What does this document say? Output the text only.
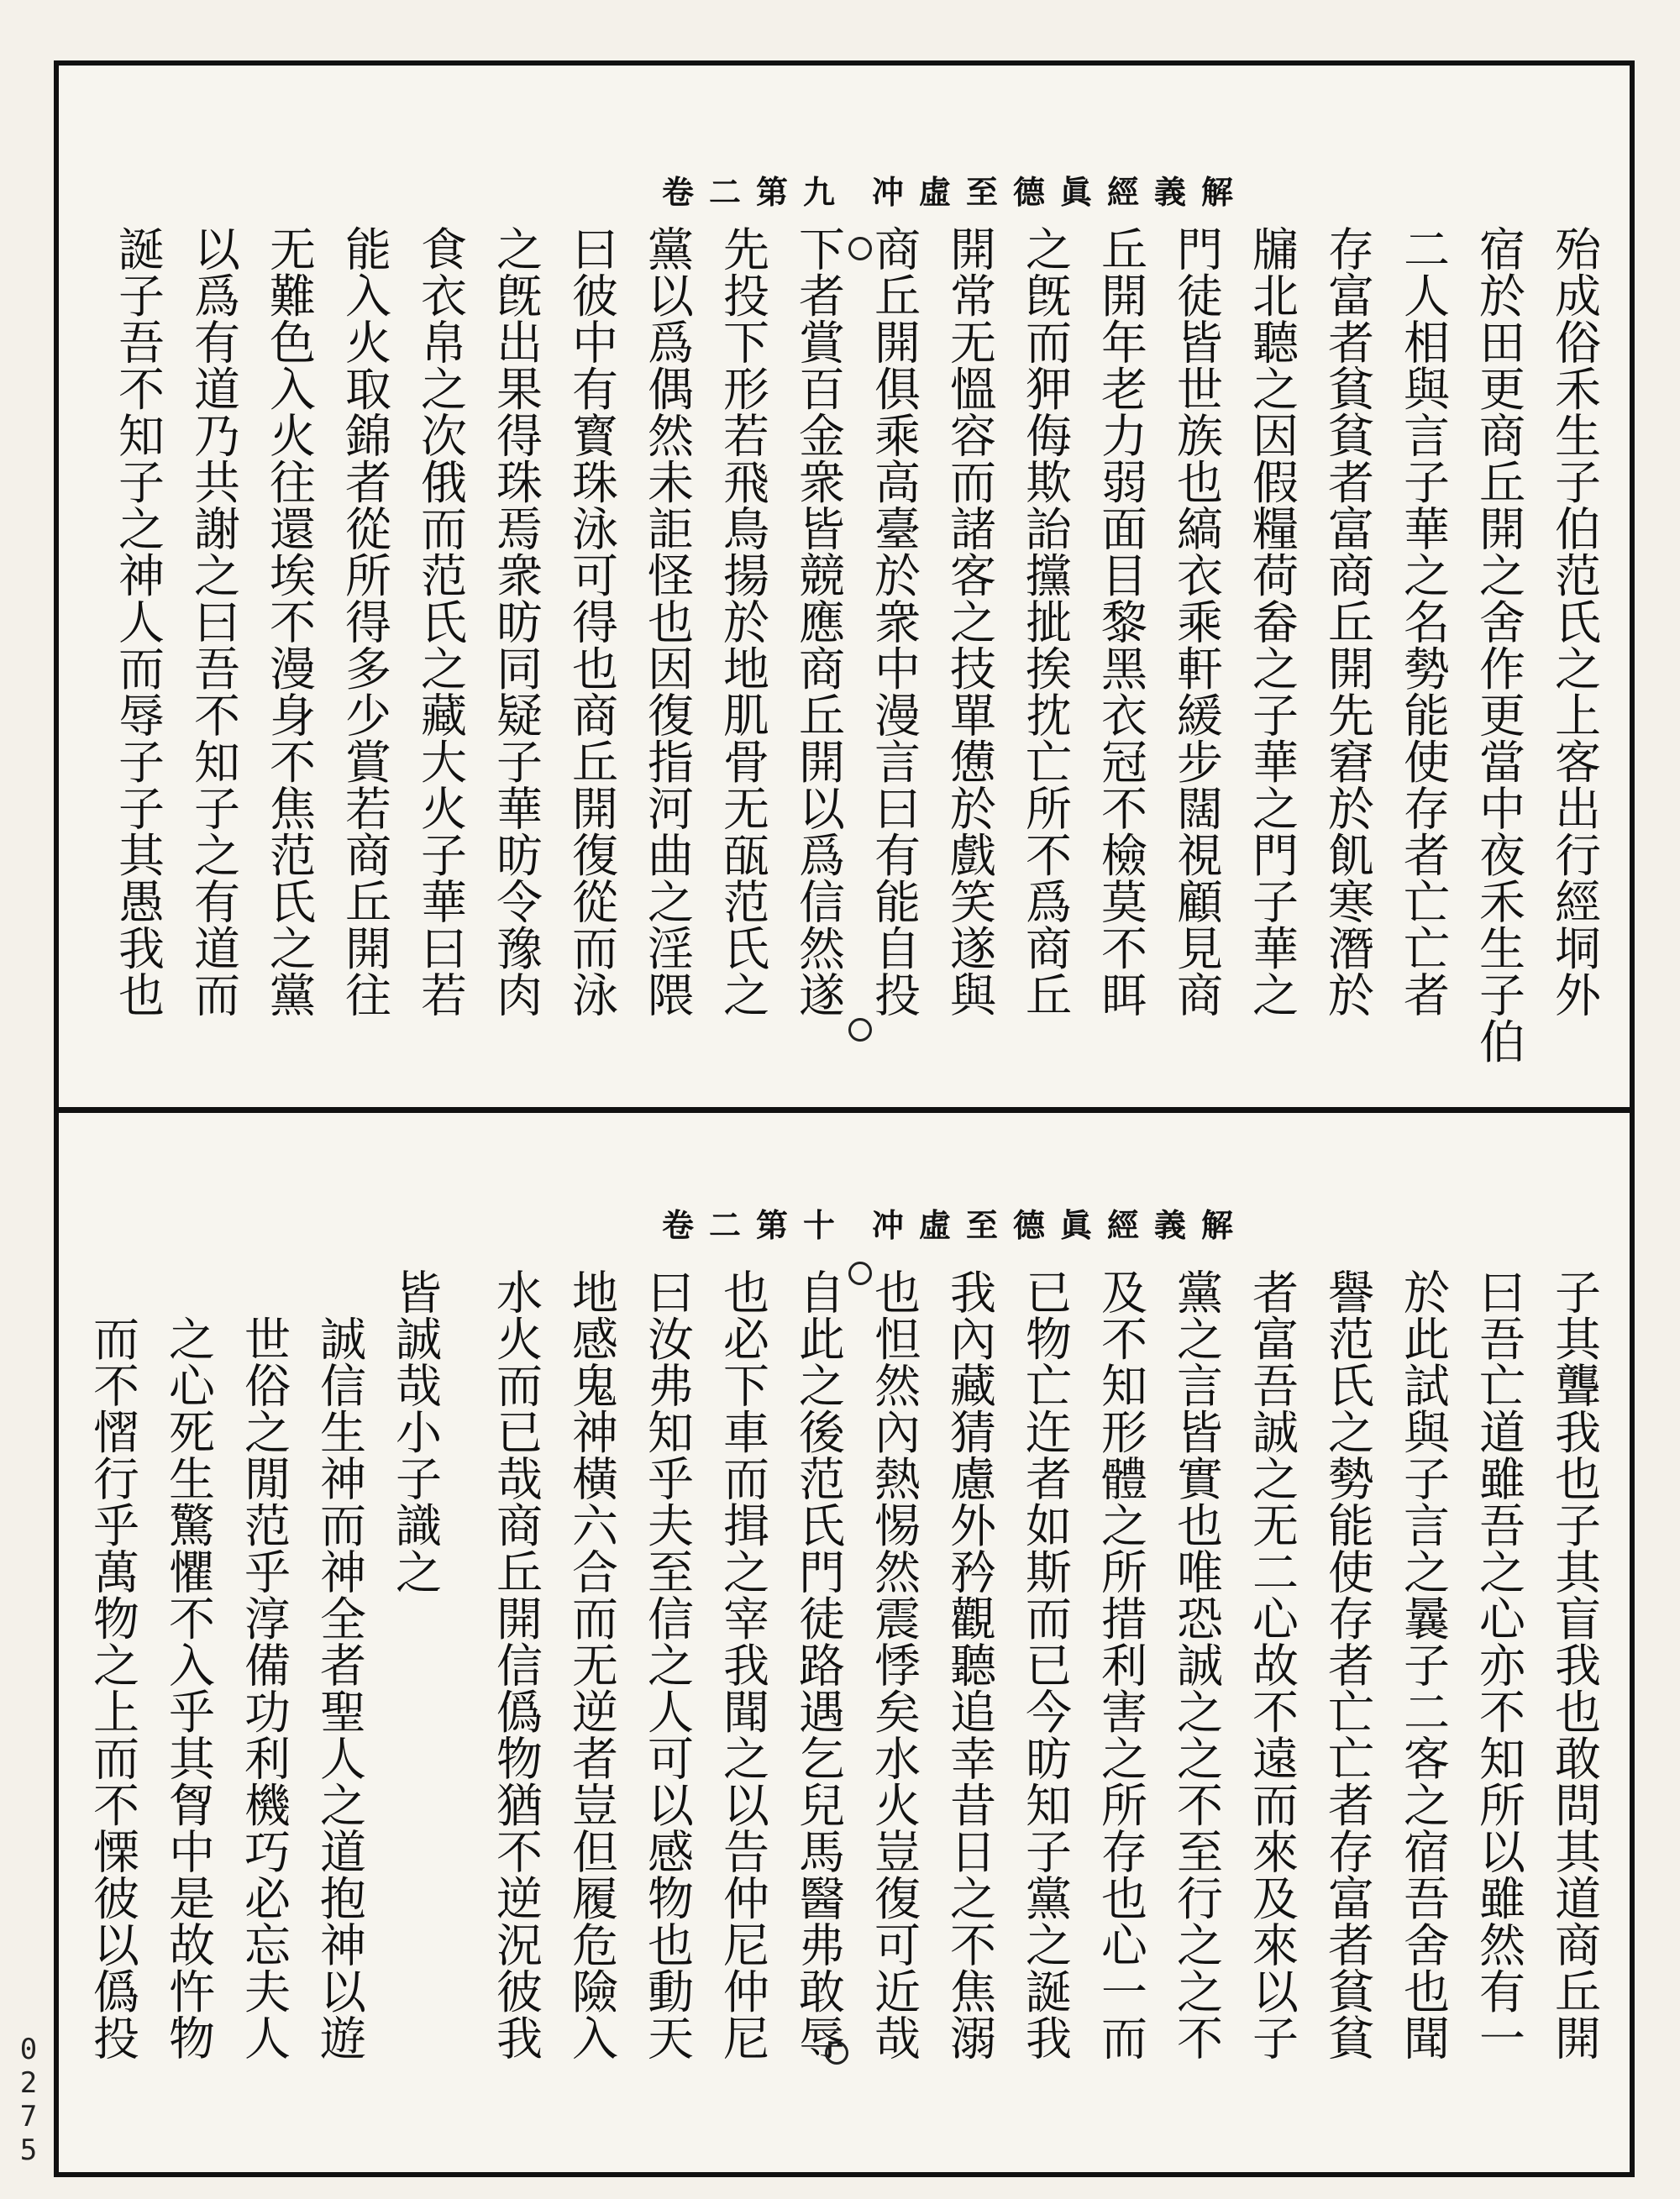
0
2
7
5
冲虛至德眞經義解
卷二第九
殆成俗禾生子伯范氏之上客出行經垌外
宿於田更商丘開之舍作更當中夜禾生子伯
二人相與言子華之名勢能使存者亡亡者
存富者貧貧者富商丘開先窘於飢寒潛於
牖北聽之因假糧荷畚之子華之門子華之
門徒皆世族也縞衣乘軒緩步闊視顧見商
丘開年老力弱面目黎黑衣冠不檢莫不眲
之旣而狎侮欺詒攩㧗挨抌亡所不爲商丘
開常无慍容而諸客之技單憊於戲笑遂與
商丘開俱乘高臺於衆中漫言曰有能自投
下者賞百金衆皆競應商丘開以爲信然遂
先投下形若飛鳥揚於地肌骨无㼣范氏之
黨以爲偶然未詎怪也因復指河曲之淫隈
曰彼中有寳珠泳可得也商丘開復從而泳
之旣出果得珠焉衆昉同疑子華昉令豫肉
食衣帛之次俄而范氏之藏大火子華曰若
能入火取錦者從所得多少賞若商丘開往
无難色入火往還埃不漫身不焦范氏之黨
以爲有道乃共謝之曰吾不知子之有道而
誕子吾不知子之神人而辱子子其愚我也
冲虛至德眞經義解
卷二第十
子其聾我也子其盲我也敢問其道商丘開
曰吾亡道雖吾之心亦不知所以雖然有一
於此試與子言之曩子二客之宿吾舍也聞
譽范氏之勢能使存者亡亡者存富者貧貧
者富吾誠之无二心故不遠而來及來以子
黨之言皆實也唯恐誠之之不至行之之不
及不知形體之所措利害之所存也心一而
已物亡迕者如斯而已今昉知子黨之誕我
我內藏猜慮外矜觀聽追幸昔日之不焦溺
也怛然內熱惕然震悸矣水火豈復可近哉
自此之後范氏門徒路遇乞兒馬醫弗敢辱
也必下車而揖之宰我聞之以告仲尼仲尼
曰汝弗知乎夫至信之人可以感物也動天
地感鬼神橫六合而无逆者豈但履危險入
水火而已哉商丘開信僞物猶不逆況彼我
皆誠哉小子識之
　誠信生神而神全者聖人之道抱神以遊
　世俗之閒范乎淳備功利機巧必忘夫人
　之心死生驚懼不入乎其胷中是故忤物
　而不慴行乎萬物之上而不慄彼以僞投
